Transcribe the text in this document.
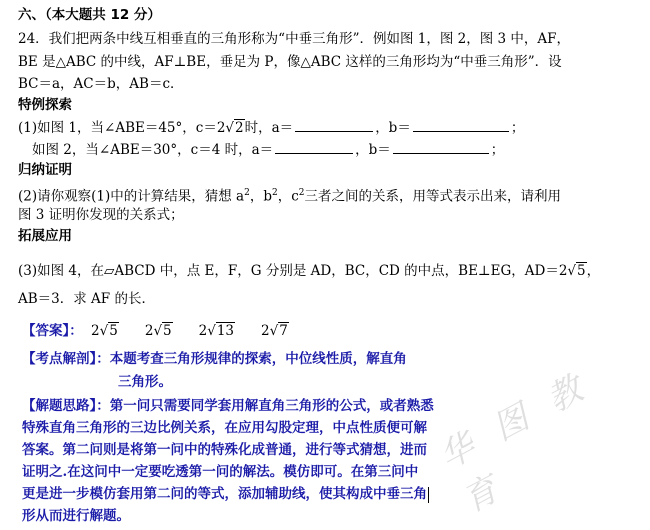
六、（本大题共 12 分）
24．我们把两条中线互相垂直的三角形称为“中垂三角形”．例如图 1，图 2，图 3 中，AF，
BE 是△ABC 的中线，AF⊥BE，垂足为 P，像△ABC 这样的三角形均为“中垂三角形”．设
BC＝a，AC＝b，AB＝c．
特例探索
(1)如图 1，当∠ABE＝45°，c＝2√2时，a＝	，b＝	；
如图 2，当∠ABE＝30°，c＝4 时，a＝	，b＝	；
归纳证明
(2)请你观察(1)中的计算结果，猜想 $a^2$，$b^2$，$c^2$三者之间的关系，用等式表示出来，请利用
图 3 证明你发现的关系式；
拓展应用
(3)如图 4，在▱ABCD 中，点 E，F，G 分别是 AD，BC，CD 的中点，BE⊥EG，AD＝2√5，
AB＝3．求 AF 的长．
【答案】： 2√5 2√5 2√13 2√7
【考点解剖】：本题考查三角形规律的探索，中位线性质，解直角
三角形。
【解题思路】：第一问只需要同学套用解直角三角形的公式，或者熟悉
特殊直角三角形的三边比例关系，在应用勾股定理，中点性质便可解
答案。第二问则是将第一问中的特殊化成普通，进行等式猜想，进而
证明之.在这问中一定要吃透第一问的解法。模仿即可。在第三问中
更是进一步模仿套用第二问的等式，添加辅助线，使其构成中垂三角
形从而进行解题。
华 图 教 育
